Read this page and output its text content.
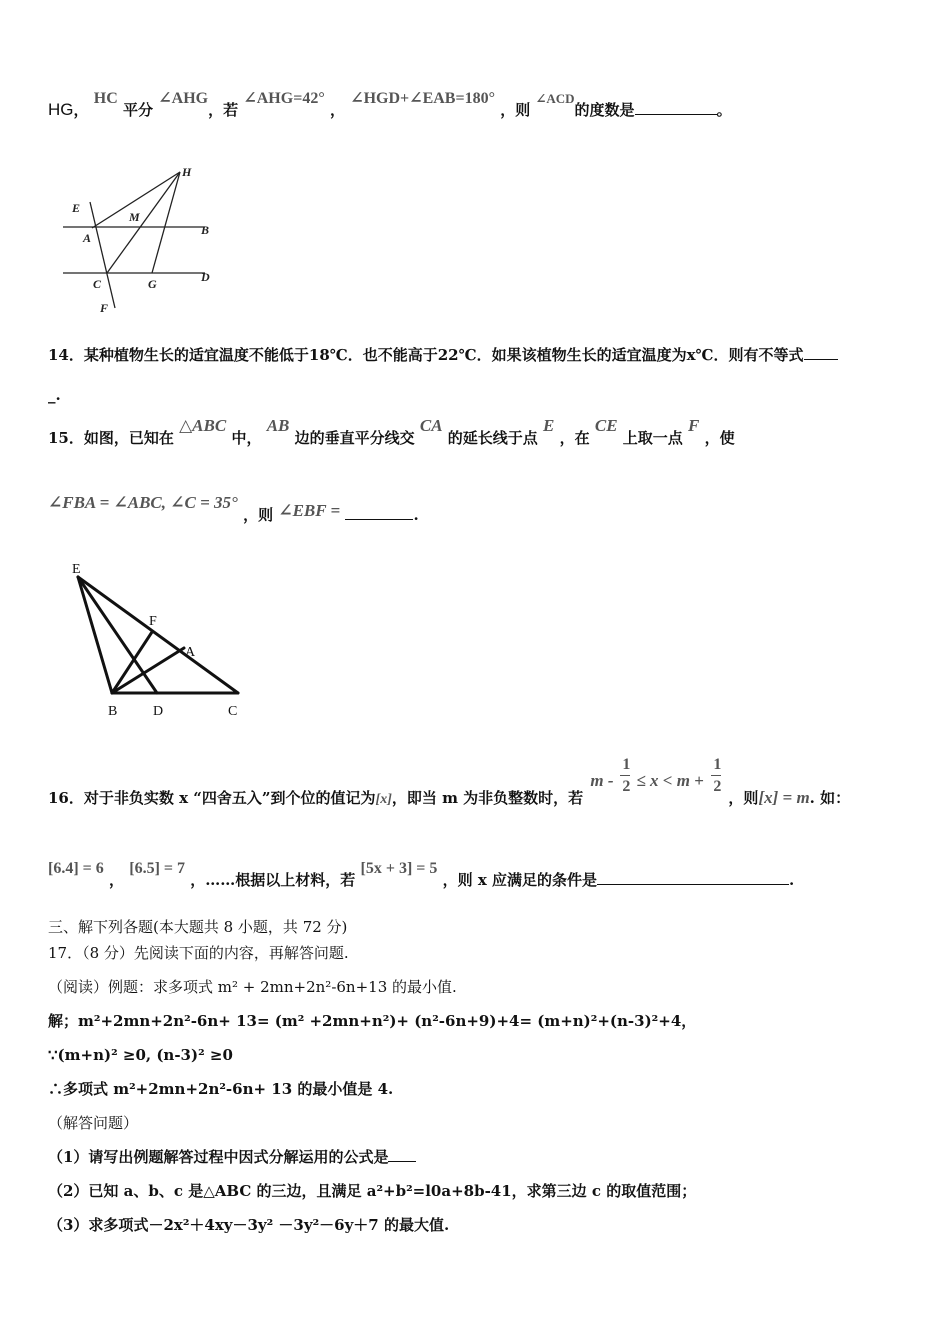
HG， HC 平分 ∠AHG，若 ∠AHG=42° ， ∠HGD+∠EAB=180° ，则 ∠ACD的度数是	。
E
M
H
A
B
C	G	D
F
14．某种植物生长的适宜温度不能低于18℃．也不能高于22℃．如果该植物生长的适宜温度为x℃．则有不等式
_.
15．如图，已知在 △ABC 中， AB 边的垂直平分线交 CA 的延长线于点 E ，在 CE 上取一点 F ，使
∠FBA = ∠ABC, ∠C = 35° ，则 ∠EBF =	.
E
F
A
B	D	C
16．对于非负实数 x “四舍五入”到个位的值记为[x]，即当 m 为非负整数时，若
m -
1
2 ≤ x < m +
1
2
，则[x] = m. 如：
[6.4] = 6 ， [6.5] = 7 ，……根据以上材料，若 [5x + 3] = 5 ，则 x 应满足的条件是	.
三、解下列各题(本大题共 8 小题，共 72 分)
17．（8 分）先阅读下面的内容，再解答问题.
（阅读）例题：求多项式 m² + 2mn+2n²-6n+13 的最小值.
解；m²+2mn+2n²-6n+ 13= (m² +2mn+n²)+ (n²-6n+9)+4= (m+n)²+(n-3)²+4，
∵(m+n)² ≥0, (n-3)² ≥0
∴多项式 m²+2mn+2n²-6n+ 13 的最小值是 4.
（解答问题）
（1）请写出例题解答过程中因式分解运用的公式是
（2）已知 a、b、c 是△ABC 的三边，且满足 a²+b²=l0a+8b-41，求第三边 c 的取值范围；
（3）求多项式－2x²＋4xy－3y² －3y²－6y＋7 的最大值.
